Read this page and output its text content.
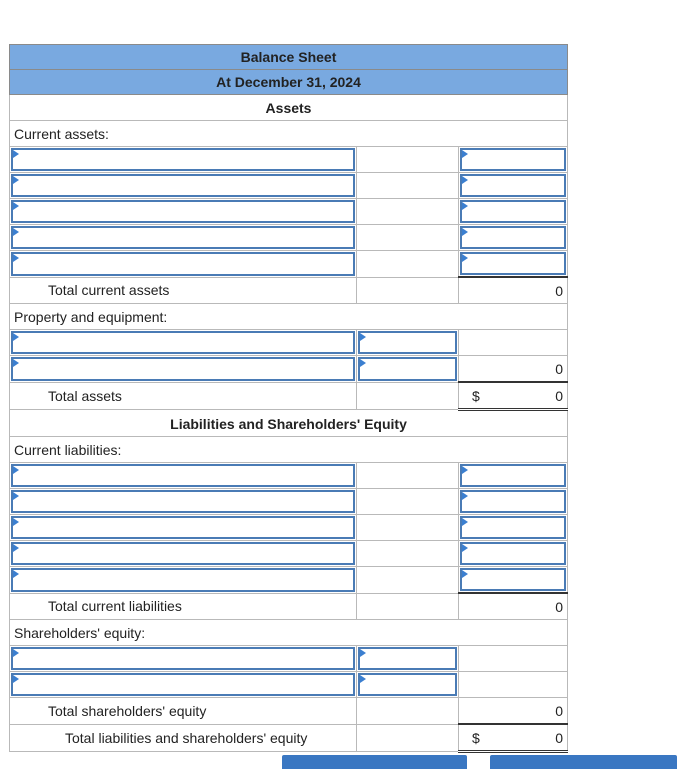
Balance Sheet		
At December 31, 2024		
Assets		
Current assets:		

Total current assets		0
Property and equipment:		

	0
Total assets		$ 0
Liabilities and Shareholders' Equity		
Current liabilities:		

Total current liabilities		0
Shareholders' equity:		

Total shareholders' equity		0
Total liabilities and shareholders' equity		$ 0
